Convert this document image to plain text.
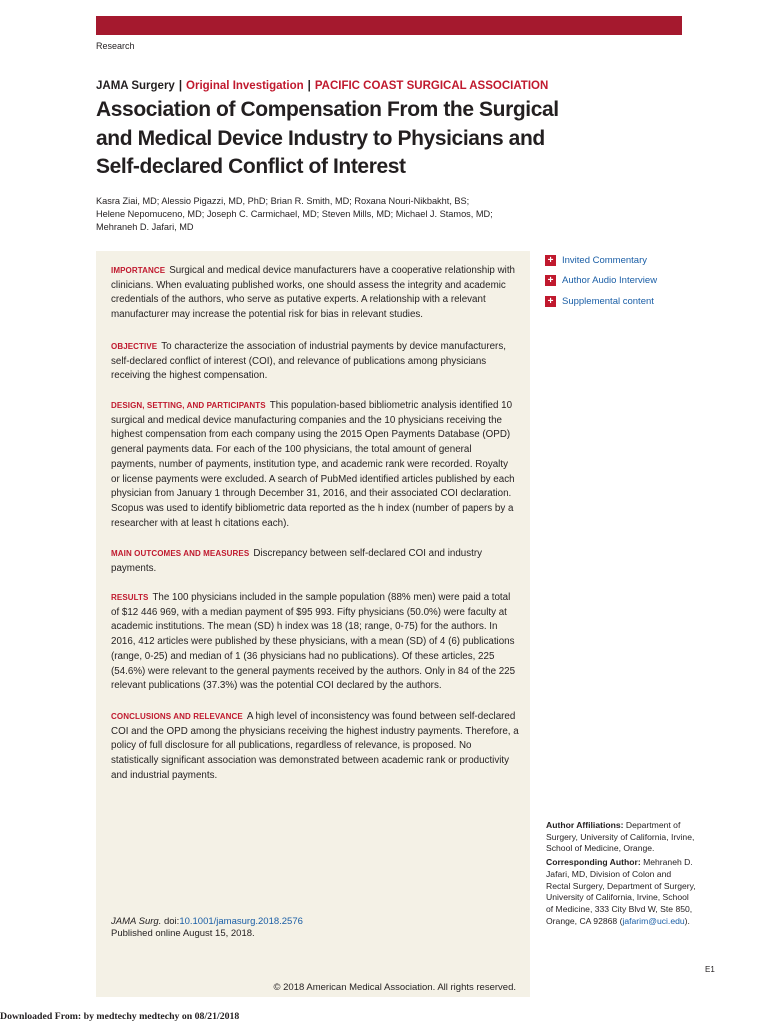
Research
JAMA Surgery | Original Investigation | PACIFIC COAST SURGICAL ASSOCIATION
Association of Compensation From the Surgical and Medical Device Industry to Physicians and Self-declared Conflict of Interest
Kasra Ziai, MD; Alessio Pigazzi, MD, PhD; Brian R. Smith, MD; Roxana Nouri-Nikbakht, BS;
Helene Nepomuceno, MD; Joseph C. Carmichael, MD; Steven Mills, MD; Michael J. Stamos, MD;
Mehraneh D. Jafari, MD
IMPORTANCE Surgical and medical device manufacturers have a cooperative relationship with clinicians. When evaluating published works, one should assess the integrity and academic credentials of the authors, who serve as putative experts. A relationship with a relevant manufacturer may increase the potential risk for bias in relevant studies.
OBJECTIVE To characterize the association of industrial payments by device manufacturers, self-declared conflict of interest (COI), and relevance of publications among physicians receiving the highest compensation.
DESIGN, SETTING, AND PARTICIPANTS This population-based bibliometric analysis identified 10 surgical and medical device manufacturing companies and the 10 physicians receiving the highest compensation from each company using the 2015 Open Payments Database (OPD) general payments data. For each of the 100 physicians, the total amount of general payments, number of payments, institution type, and academic rank were recorded. Royalty or license payments were excluded. A search of PubMed identified articles published by each physician from January 1 through December 31, 2016, and their associated COI declaration. Scopus was used to identify bibliometric data reported as the h index (number of papers by a researcher with at least h citations each).
MAIN OUTCOMES AND MEASURES Discrepancy between self-declared COI and industry payments.
RESULTS The 100 physicians included in the sample population (88% men) were paid a total of $12 446 969, with a median payment of $95 993. Fifty physicians (50.0%) were faculty at academic institutions. The mean (SD) h index was 18 (18; range, 0-75) for the authors. In 2016, 412 articles were published by these physicians, with a mean (SD) of 4 (6) publications (range, 0-25) and median of 1 (36 physicians had no publications). Of these articles, 225 (54.6%) were relevant to the general payments received by the authors. Only in 84 of the 225 relevant publications (37.3%) was the potential COI declared by the authors.
CONCLUSIONS AND RELEVANCE A high level of inconsistency was found between self-declared COI and the OPD among the physicians receiving the highest industry payments. Therefore, a policy of full disclosure for all publications, regardless of relevance, is proposed. No statistically significant association was demonstrated between academic rank or productivity and industrial payments.
JAMA Surg. doi:10.1001/jamasurg.2018.2576
Published online August 15, 2018.
© 2018 American Medical Association. All rights reserved.
+ Invited Commentary
+ Author Audio Interview
+ Supplemental content

Author Affiliations: Department of Surgery, University of California, Irvine, School of Medicine, Orange.

Corresponding Author: Mehraneh D. Jafari, MD, Division of Colon and Rectal Surgery, Department of Surgery, University of California, Irvine, School of Medicine, 333 City Blvd W, Ste 850, Orange, CA 92868 (jafarim@uci.edu).

E1
Downloaded From: by medtechy medtechy on 08/21/2018
